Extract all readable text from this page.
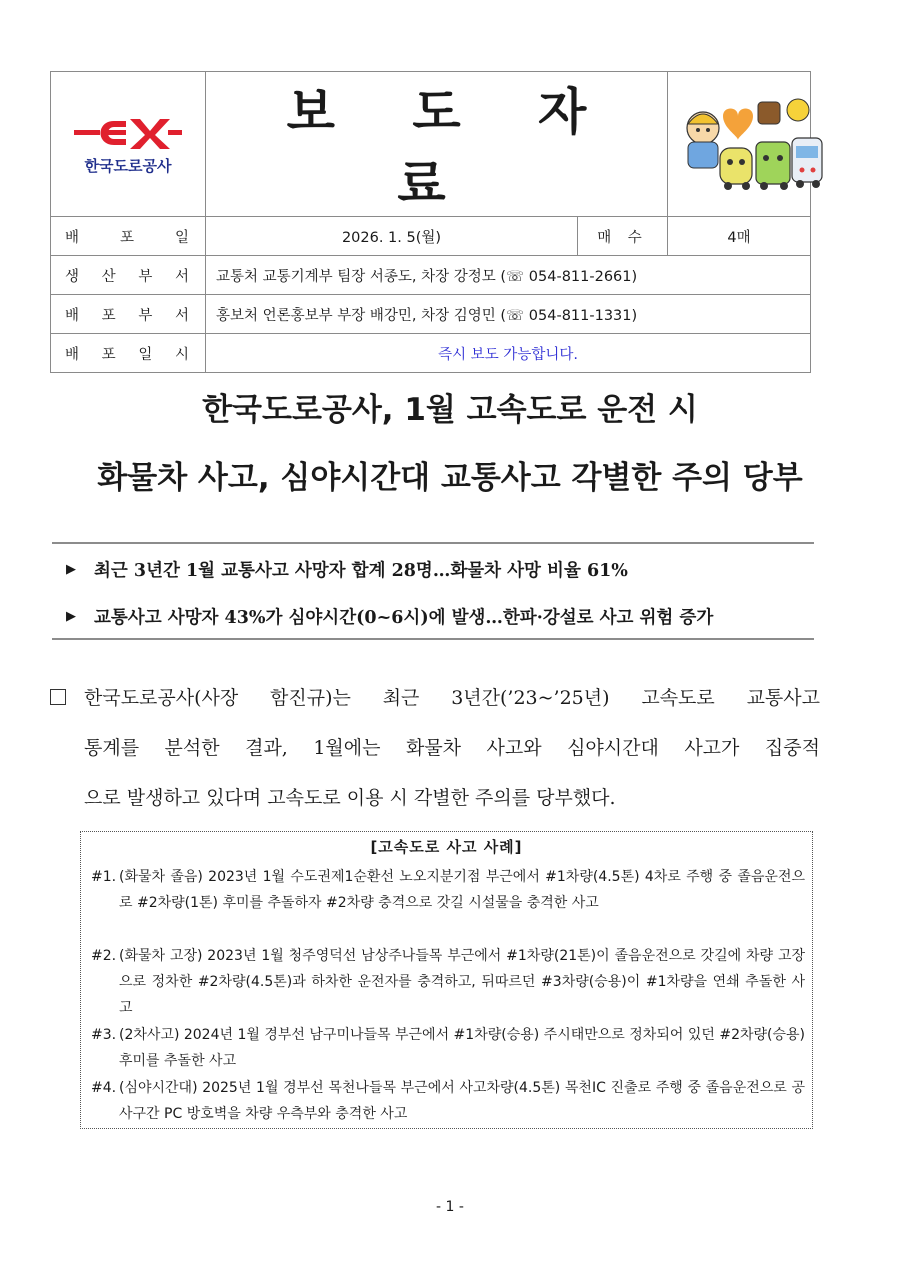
한국도로공사	보 도 자 료	
배 포 일	2026. 1. 5(월)	매 수	4매
생 산 부 서	교통처 교통기계부 팀장 서종도, 차장 강정모 (☏ 054-811-2661)		
배 포 부 서	홍보처 언론홍보부 부장 배강민, 차장 김영민 (☏ 054-811-1331)		
배 포 일 시	즉시 보도 가능합니다.		
한국도로공사, 1월 고속도로 운전 시
화물차 사고, 심야시간대 교통사고 각별한 주의 당부
▶ 최근 3년간 1월 교통사고 사망자 합계 28명…화물차 사망 비율 61%
▶ 교통사고 사망자 43%가 심야시간(0~6시)에 발생…한파·강설로 사고 위험 증가
한국도로공사(사장 함진규)는 최근 3년간(’23~’25년) 고속도로 교통사고
통계를 분석한 결과, 1월에는 화물차 사고와 심야시간대 사고가 집중적
으로 발생하고 있다며 고속도로 이용 시 각별한 주의를 당부했다.
[고속도로 사고 사례]
#1. (화물차 졸음) 2023년 1월 수도권제1순환선 노오지분기점 부근에서 #1차량(4.5톤) 4차로 주행 중 졸음운전으로 #2차량(1톤) 후미를 추돌하자 #2차량 충격으로 갓길 시설물을 충격한 사고
#2. (화물차 고장) 2023년 1월 청주영덕선 남상주나들목 부근에서 #1차량(21톤)이 졸음운전으로 갓길에 차량 고장으로 정차한 #2차량(4.5톤)과 하차한 운전자를 충격하고, 뒤따르던 #3차량(승용)이 #1차량을 연쇄 추돌한 사고
#3. (2차사고) 2024년 1월 경부선 남구미나들목 부근에서 #1차량(승용) 주시태만으로 정차되어 있던 #2차량(승용) 후미를 추돌한 사고
#4. (심야시간대) 2025년 1월 경부선 목천나들목 부근에서 사고차량(4.5톤) 목천IC 진출로 주행 중 졸음운전으로 공사구간 PC 방호벽을 차량 우측부와 충격한 사고
- 1 -
